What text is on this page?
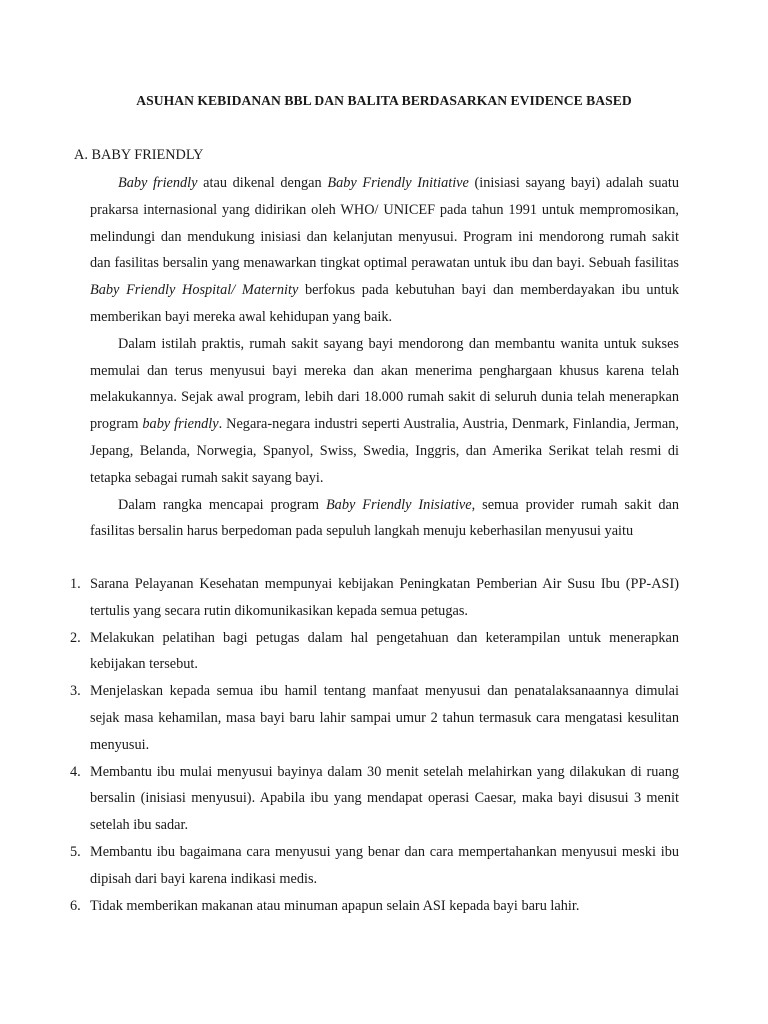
ASUHAN KEBIDANAN BBL DAN BALITA BERDASARKAN EVIDENCE BASED
A. BABY FRIENDLY

Baby friendly atau dikenal dengan Baby Friendly Initiative (inisiasi sayang bayi) adalah suatu prakarsa internasional yang didirikan oleh WHO/ UNICEF pada tahun 1991 untuk mempromosikan, melindungi dan mendukung inisiasi dan kelanjutan menyusui. Program ini mendorong rumah sakit dan fasilitas bersalin yang menawarkan tingkat optimal perawatan untuk ibu dan bayi. Sebuah fasilitas Baby Friendly Hospital/ Maternity berfokus pada kebutuhan bayi dan memberdayakan ibu untuk memberikan bayi mereka awal kehidupan yang baik.

Dalam istilah praktis, rumah sakit sayang bayi mendorong dan membantu wanita untuk sukses memulai dan terus menyusui bayi mereka dan akan menerima penghargaan khusus karena telah melakukannya. Sejak awal program, lebih dari 18.000 rumah sakit di seluruh dunia telah menerapkan program baby friendly. Negara-negara industri seperti Australia, Austria, Denmark, Finlandia, Jerman, Jepang, Belanda, Norwegia, Spanyol, Swiss, Swedia, Inggris, dan Amerika Serikat telah resmi di tetapka sebagai rumah sakit sayang bayi.

Dalam rangka mencapai program Baby Friendly Inisiative, semua provider rumah sakit dan fasilitas bersalin harus berpedoman pada sepuluh langkah menuju keberhasilan menyusui yaitu

1. Sarana Pelayanan Kesehatan mempunyai kebijakan Peningkatan Pemberian Air Susu Ibu (PP-ASI) tertulis yang secara rutin dikomunikasikan kepada semua petugas.
2. Melakukan pelatihan bagi petugas dalam hal pengetahuan dan keterampilan untuk menerapkan kebijakan tersebut.
3. Menjelaskan kepada semua ibu hamil tentang manfaat menyusui dan penatalaksanaannya dimulai sejak masa kehamilan, masa bayi baru lahir sampai umur 2 tahun termasuk cara mengatasi kesulitan menyusui.
4. Membantu ibu mulai menyusui bayinya dalam 30 menit setelah melahirkan yang dilakukan di ruang bersalin (inisiasi menyusui). Apabila ibu yang mendapat operasi Caesar, maka bayi disusui 3 menit setelah ibu sadar.
5. Membantu ibu bagaimana cara menyusui yang benar dan cara mempertahankan menyusui meski ibu dipisah dari bayi karena indikasi medis.
6. Tidak memberikan makanan atau minuman apapun selain ASI kepada bayi baru lahir.
